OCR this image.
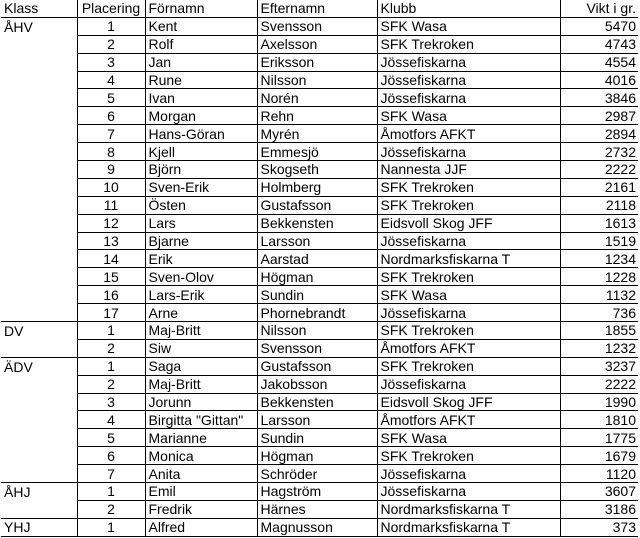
Klass	Placering	Förnamn	Efternamn	Klubb	Vikt i gr.
ÅHV	1	Kent	Svensson	SFK Wasa	5470
	2	Rolf	Axelsson	SFK Trekroken	4743
	3	Jan	Eriksson	Jössefiskarna	4554
	4	Rune	Nilsson	Jössefiskarna	4016
	5	Ivan	Norén	Jössefiskarna	3846
	6	Morgan	Rehn	SFK Wasa	2987
	7	Hans-Göran	Myrén	Åmotfors AFKT	2894
	8	Kjell	Emmesjö	Jössefiskarna	2732
	9	Björn	Skogseth	Nannesta JJF	2222
	10	Sven-Erik	Holmberg	SFK Trekroken	2161
	11	Östen	Gustafsson	SFK Trekroken	2118
	12	Lars	Bekkensten	Eidsvoll Skog JFF	1613
	13	Bjarne	Larsson	Jössefiskarna	1519
	14	Erik	Aarstad	Nordmarksfiskarna T	1234
	15	Sven-Olov	Högman	SFK Trekroken	1228
	16	Lars-Erik	Sundin	SFK Wasa	1132
	17	Arne	Phornebrandt	Jössefiskarna	736
DV	1	Maj-Britt	Nilsson	SFK Trekroken	1855
	2	Siw	Svensson	Åmotfors AFKT	1232
ÄDV	1	Saga	Gustafsson	SFK Trekroken	3237
	2	Maj-Britt	Jakobsson	Jössefiskarna	2222
	3	Jorunn	Bekkensten	Eidsvoll Skog JFF	1990
	4	Birgitta "Gittan"	Larsson	Åmotfors AFKT	1810
	5	Marianne	Sundin	SFK Wasa	1775
	6	Monica	Högman	SFK Trekroken	1679
	7	Anita	Schröder	Jössefiskarna	1120
ÅHJ	1	Emil	Hagström	Jössefiskarna	3607
	2	Fredrik	Härnes	Nordmarksfiskarna T	3186
YHJ	1	Alfred	Magnusson	Nordmarksfiskarna T	373
